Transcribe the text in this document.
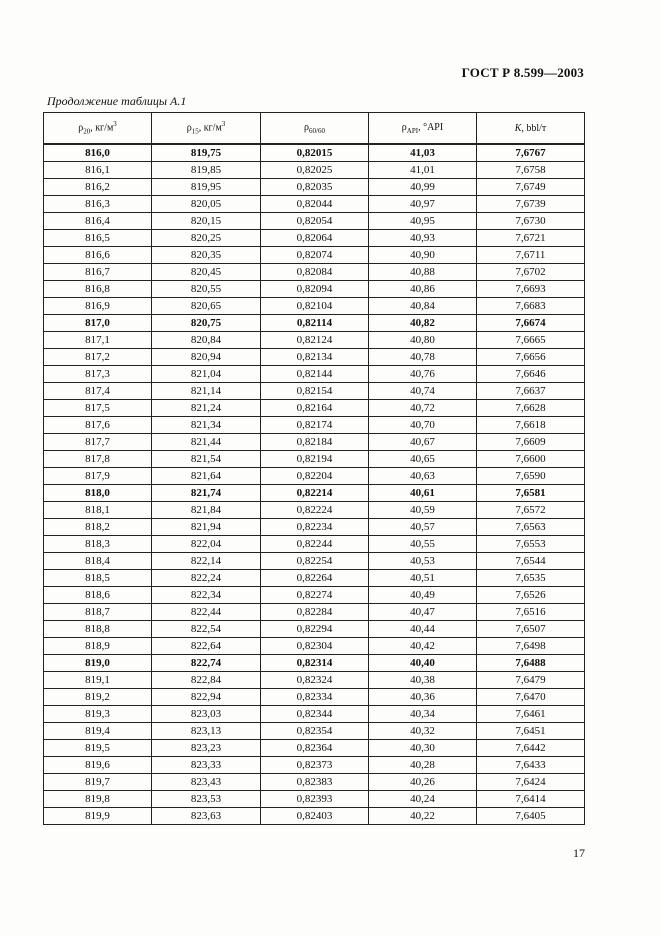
ГОСТ Р 8.599—2003
Продолжение таблицы А.1
$\rho_{20}$, $кг/м^3$	$\rho_{15}$, $кг/м^3$	$\rho_{60/60}$	$\rho_{API}$, °API	K, bbl/т
816,0	819,75	0,82015	41,03	7,6767
816,1	819,85	0,82025	41,01	7,6758
816,2	819,95	0,82035	40,99	7,6749
816,3	820,05	0,82044	40,97	7,6739
816,4	820,15	0,82054	40,95	7,6730
816,5	820,25	0,82064	40,93	7,6721
816,6	820,35	0,82074	40,90	7,6711
816,7	820,45	0,82084	40,88	7,6702
816,8	820,55	0,82094	40,86	7,6693
816,9	820,65	0,82104	40,84	7,6683
817,0	820,75	0,82114	40,82	7,6674
817,1	820,84	0,82124	40,80	7,6665
817,2	820,94	0,82134	40,78	7,6656
817,3	821,04	0,82144	40,76	7,6646
817,4	821,14	0,82154	40,74	7,6637
817,5	821,24	0,82164	40,72	7,6628
817,6	821,34	0,82174	40,70	7,6618
817,7	821,44	0,82184	40,67	7,6609
817,8	821,54	0,82194	40,65	7,6600
817,9	821,64	0,82204	40,63	7,6590
818,0	821,74	0,82214	40,61	7,6581
818,1	821,84	0,82224	40,59	7,6572
818,2	821,94	0,82234	40,57	7,6563
818,3	822,04	0,82244	40,55	7,6553
818,4	822,14	0,82254	40,53	7,6544
818,5	822,24	0,82264	40,51	7,6535
818,6	822,34	0,82274	40,49	7,6526
818,7	822,44	0,82284	40,47	7,6516
818,8	822,54	0,82294	40,44	7,6507
818,9	822,64	0,82304	40,42	7,6498
819,0	822,74	0,82314	40,40	7,6488
819,1	822,84	0,82324	40,38	7,6479
819,2	822,94	0,82334	40,36	7,6470
819,3	823,03	0,82344	40,34	7,6461
819,4	823,13	0,82354	40,32	7,6451
819,5	823,23	0,82364	40,30	7,6442
819,6	823,33	0,82373	40,28	7,6433
819,7	823,43	0,82383	40,26	7,6424
819,8	823,53	0,82393	40,24	7,6414
819,9	823,63	0,82403	40,22	7,6405
17
